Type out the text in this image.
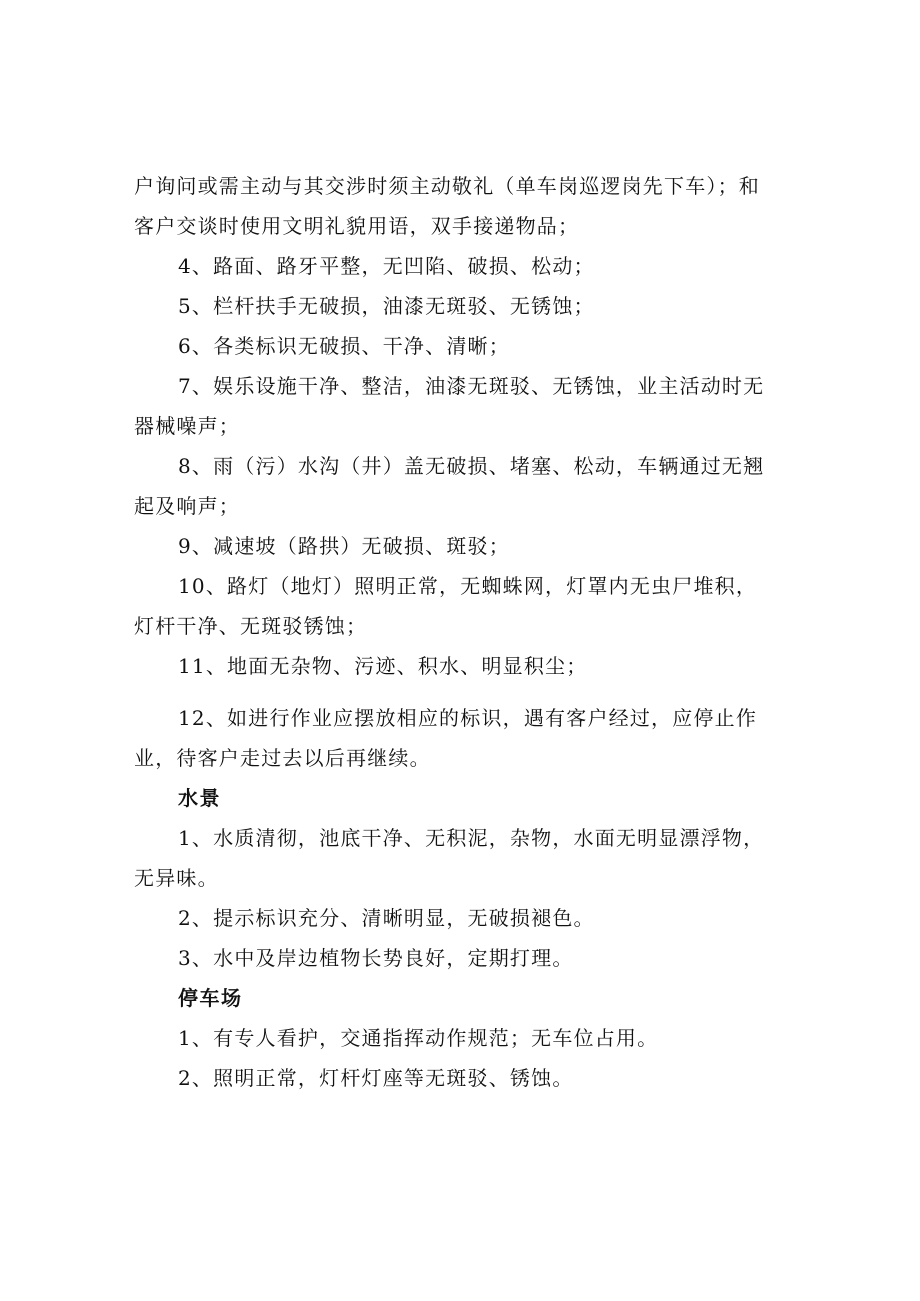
户询问或需主动与其交涉时须主动敬礼（单车岗巡逻岗先下车）；和
客户交谈时使用文明礼貌用语，双手接递物品；
4、路面、路牙平整，无凹陷、破损、松动；
5、栏杆扶手无破损，油漆无斑驳、无锈蚀；
6、各类标识无破损、干净、清晰；
7、娱乐设施干净、整洁，油漆无斑驳、无锈蚀，业主活动时无
器械噪声；
8、雨（污）水沟（井）盖无破损、堵塞、松动，车辆通过无翘
起及响声；
9、减速坡（路拱）无破损、斑驳；
10、路灯（地灯）照明正常，无蜘蛛网，灯罩内无虫尸堆积，
灯杆干净、无斑驳锈蚀；
11、地面无杂物、污迹、积水、明显积尘；
12、如进行作业应摆放相应的标识，遇有客户经过，应停止作
业，待客户走过去以后再继续。
水景
1、水质清彻，池底干净、无积泥，杂物，水面无明显漂浮物，
无异味。
2、提示标识充分、清晰明显，无破损褪色。
3、水中及岸边植物长势良好，定期打理。
停车场
1、有专人看护，交通指挥动作规范；无车位占用。
2、照明正常，灯杆灯座等无斑驳、锈蚀。
